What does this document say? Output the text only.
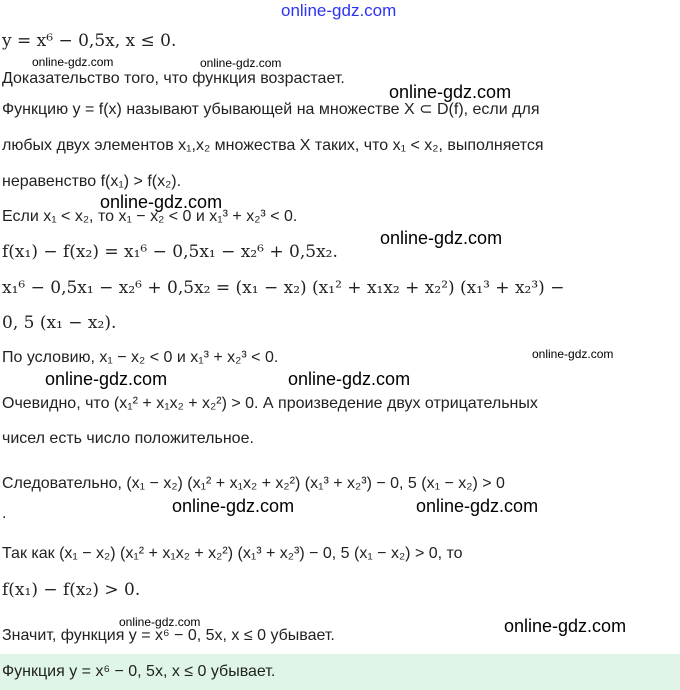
online-gdz.com
y = x⁶ − 0,5x, x ≤ 0.
Доказательство того, что функция возрастает.
Функцию y = f(x) называют убывающей на множестве X ⊂ D(f), если для
любых двух элементов x₁,x₂ множества X таких, что x₁ < x₂, выполняется
неравенство f(x₁) > f(x₂).
Если x₁ < x₂, то x₁ − x₂ < 0 и x₁³ + x₂³ < 0.
f(x₁) − f(x₂) = x₁⁶ − 0,5x₁ − x₂⁶ + 0,5x₂.
x₁⁶ − 0,5x₁ − x₂⁶ + 0,5x₂ = (x₁ − x₂) (x₁² + x₁x₂ + x₂²) (x₁³ + x₂³) −
0, 5 (x₁ − x₂).
По условию, x₁ − x₂ < 0 и x₁³ + x₂³ < 0.
Очевидно, что (x₁² + x₁x₂ + x₂²) > 0. А произведение двух отрицательных
чисел есть число положительное.
Следовательно, (x₁ − x₂) (x₁² + x₁x₂ + x₂²) (x₁³ + x₂³) − 0, 5 (x₁ − x₂) > 0
.
Так как (x₁ − x₂) (x₁² + x₁x₂ + x₂²) (x₁³ + x₂³) − 0, 5 (x₁ − x₂) > 0, то
f(x₁) − f(x₂) > 0.
Значит, функция y = x⁶ − 0, 5x, x ≤ 0 убывает.
Функция y = x⁶ − 0, 5x, x ≤ 0 убывает.
online-gdz.com	online-gdz.com
online-gdz.com
online-gdz.com
online-gdz.com
online-gdz.com
online-gdz.com	online-gdz.com
online-gdz.com	online-gdz.com
online-gdz.com	online-gdz.com
